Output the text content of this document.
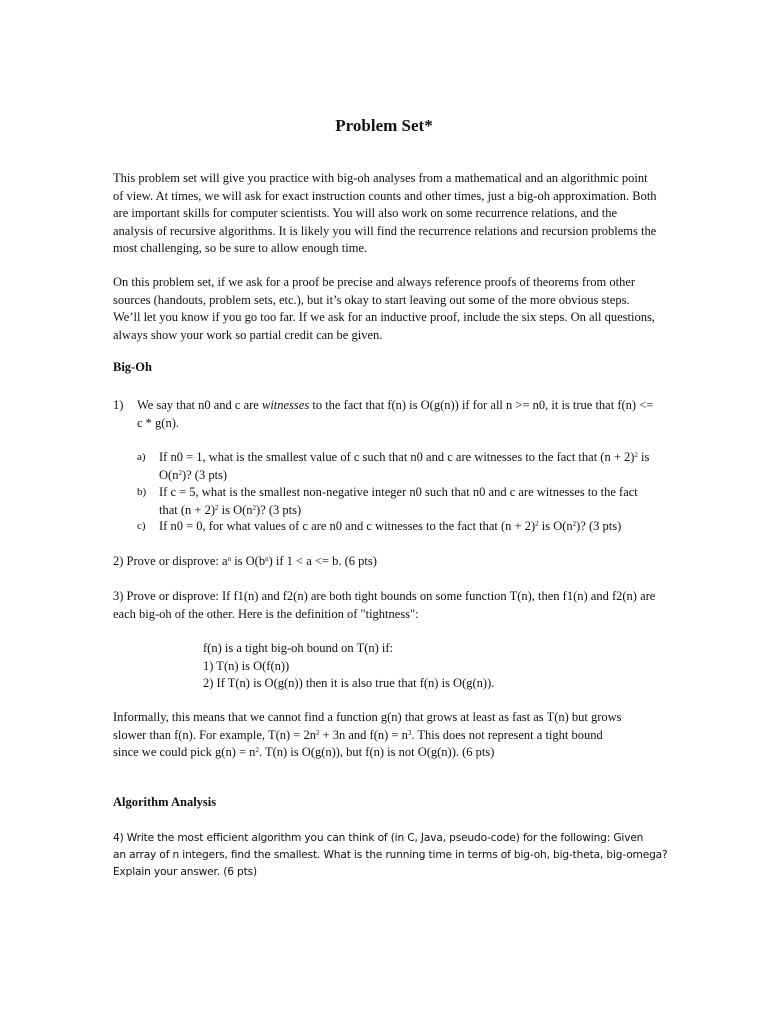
Problem Set*

This problem set will give you practice with big-oh analyses from a mathematical and an algorithmic point of view. At times, we will ask for exact instruction counts and other times, just a big-oh approximation. Both are important skills for computer scientists. You will also work on some recurrence relations, and the analysis of recursive algorithms. It is likely you will find the recurrence relations and recursion problems the most challenging, so be sure to allow enough time.

On this problem set, if we ask for a proof be precise and always reference proofs of theorems from other sources (handouts, problem sets, etc.), but it’s okay to start leaving out some of the more obvious steps. We’ll let you know if you go too far. If we ask for an inductive proof, include the six steps. On all questions, always show your work so partial credit can be given.

Big-Oh

1) We say that n0 and c are witnesses to the fact that f(n) is O(g(n)) if for all n >= n0, it is true that f(n) <= c * g(n).

a) If n0 = 1, what is the smallest value of c such that n0 and c are witnesses to the fact that $(n + 2)^2$ is $O(n^2)$? (3 pts)

b) If c = 5, what is the smallest non-negative integer n0 such that n0 and c are witnesses to the fact that $(n + 2)^2$ is $O(n^2)$? (3 pts)

c) If n0 = 0, for what values of c are n0 and c witnesses to the fact that $(n + 2)^2$ is $O(n^2)$? (3 pts)

2) Prove or disprove: $a^n$ is $O(b^n)$ if 1 < a <= b. (6 pts)

3) Prove or disprove: If f1(n) and f2(n) are both tight bounds on some function T(n), then f1(n) and f2(n) are each big-oh of the other. Here is the definition of "tightness":

f(n) is a tight big-oh bound on T(n) if:

1) T(n) is O(f(n))

2) If T(n) is O(g(n)) then it is also true that f(n) is O(g(n)).

Informally, this means that we cannot find a function g(n) that grows at least as fast as T(n) but grows

slower than f(n). For example, $T(n) = 2n^2 + 3n$ and $f(n) = n^3$. This does not represent a tight bound

since we could pick $g(n) = n^2$. T(n) is O(g(n)), but f(n) is not O(g(n)). (6 pts)

Algorithm Analysis

4) Write the most efficient algorithm you can think of (in C, Java, pseudo-code) for the following: Given

an array of n integers, find the smallest. What is the running time in terms of big-oh, big-theta, big-omega?

Explain your answer. (6 pts)
